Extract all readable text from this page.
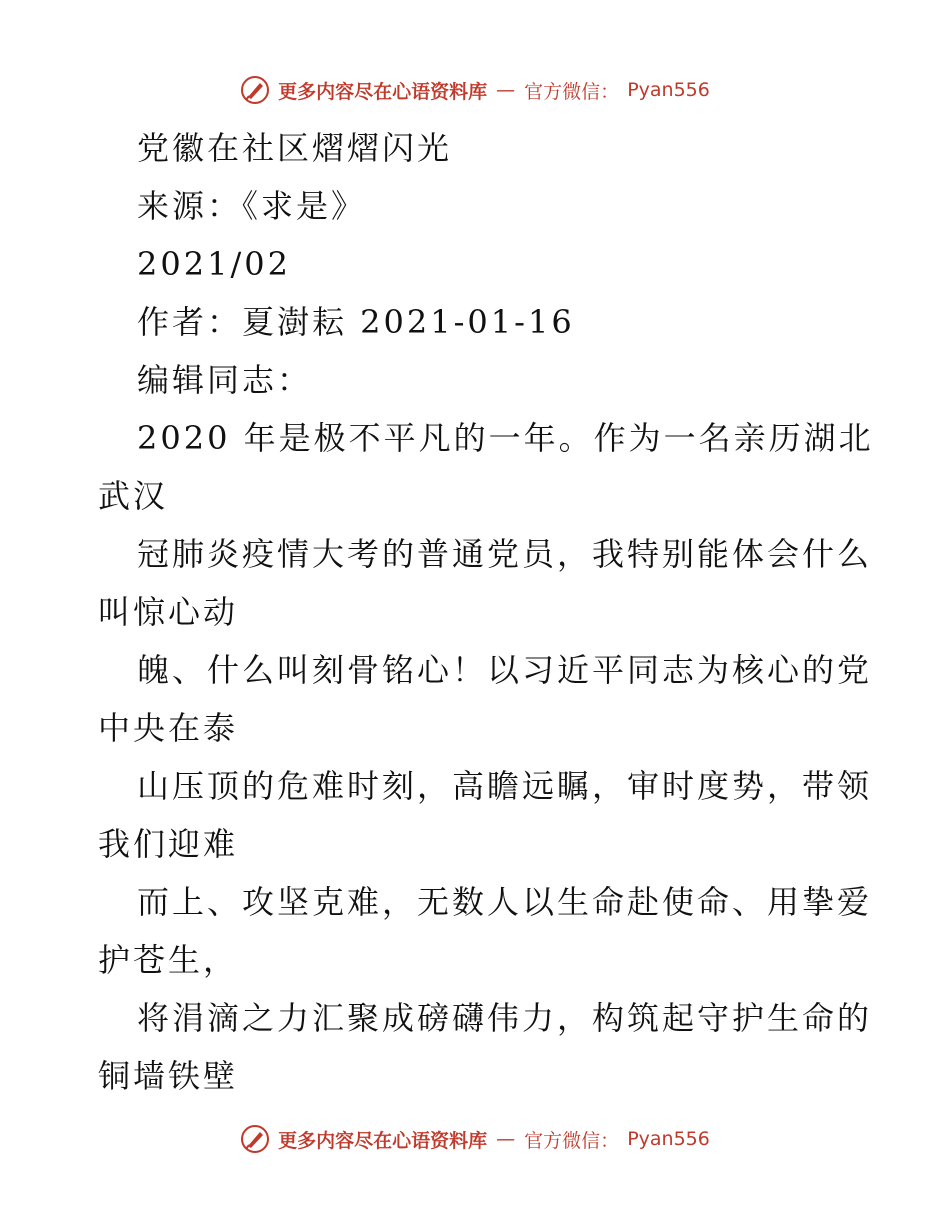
更多内容尽在心语资料库 — 官方微信： Pyan556
党徽在社区熠熠闪光
来源：《求是》
2021/02
作者：夏澍耘 2021-01-16
编辑同志：
2020 年是极不平凡的一年。作为一名亲历湖北
武汉
冠肺炎疫情大考的普通党员，我特别能体会什么
叫惊心动
魄、什么叫刻骨铭心！以习近平同志为核心的党
中央在泰
山压顶的危难时刻，高瞻远瞩，审时度势，带领
我们迎难
而上、攻坚克难，无数人以生命赴使命、用挚爱
护苍生，
将涓滴之力汇聚成磅礴伟力，构筑起守护生命的
铜墙铁壁
更多内容尽在心语资料库 — 官方微信： Pyan556
